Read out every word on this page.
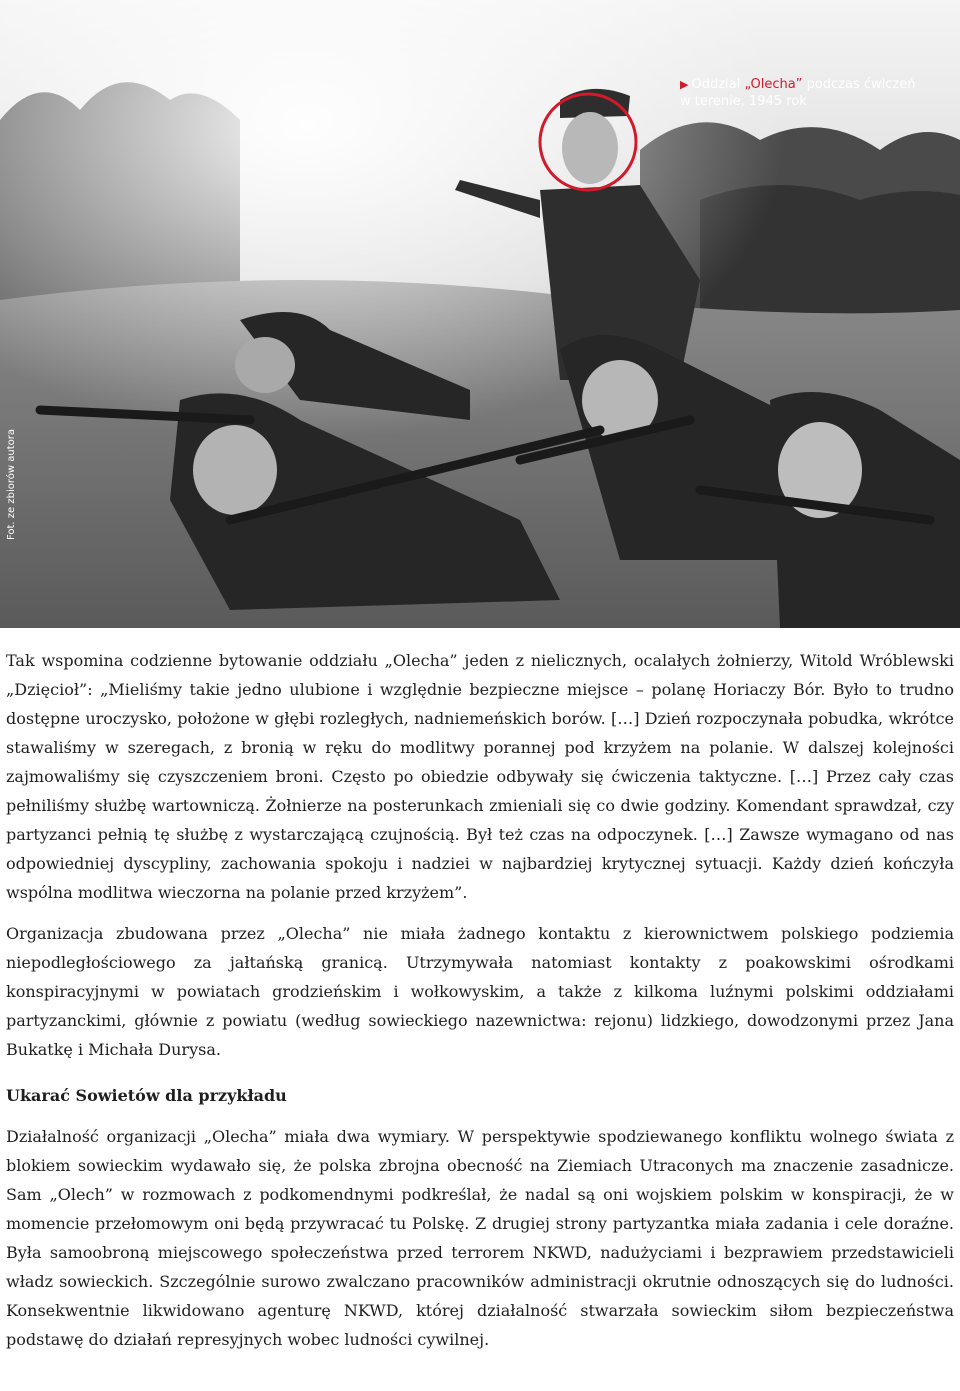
▶ Oddział „Olecha” podczas ćwiczeń
w terenie, 1945 rok
Fot. ze zbiorów autora

Tak wspomina codzienne bytowanie oddziału „Olecha” jeden z nielicznych, ocalałych żołnierzy, Witold Wróblewski „Dzięcioł”: „Mieliśmy takie jedno ulubione i względnie bezpieczne miejsce – polanę Horiaczy Bór. Było to trudno dostępne uroczysko, położone w głębi rozległych, nadniemeńskich borów. […] Dzień rozpoczynała pobudka, wkrótce stawaliśmy w szeregach, z bronią w ręku do modlitwy porannej pod krzyżem na polanie. W dalszej kolejności zajmowaliśmy się czyszczeniem broni. Często po obiedzie odbywały się ćwiczenia taktyczne. […] Przez cały czas pełniliśmy służbę wartowniczą. Żołnierze na posterunkach zmieniali się co dwie godziny. Komendant sprawdzał, czy partyzanci pełnią tę służbę z wystarczającą czujnością. Był też czas na odpoczynek. […] Zawsze wymagano od nas odpowiedniej dyscypliny, zachowania spokoju i nadziei w najbardziej krytycznej sytuacji. Każdy dzień kończyła wspólna modlitwa wieczorna na polanie przed krzyżem”.

Organizacja zbudowana przez „Olecha” nie miała żadnego kontaktu z kierownictwem polskiego podziemia niepodległościowego za jałtańską granicą. Utrzymywała natomiast kontakty z poakowskimi ośrodkami konspiracyjnymi w powiatach grodzieńskim i wołkowyskim, a także z kilkoma luźnymi polskimi oddziałami partyzanckimi, głównie z powiatu (według sowieckiego nazewnictwa: rejonu) lidzkiego, dowodzonymi przez Jana Bukatkę i Michała Durysa.

Ukarać Sowietów dla przykładu

Działalność organizacji „Olecha” miała dwa wymiary. W perspektywie spodziewanego konfliktu wolnego świata z blokiem sowieckim wydawało się, że polska zbrojna obecność na Ziemiach Utraconych ma znaczenie zasadnicze. Sam „Olech” w rozmowach z podkomendnymi podkreślał, że nadal są oni wojskiem polskim w konspiracji, że w momencie przełomowym oni będą przywracać tu Polskę. Z drugiej strony partyzantka miała zadania i cele doraźne. Była samoobroną miejscowego społeczeństwa przed terrorem NKWD, nadużyciami i bezprawiem przedstawicieli władz sowieckich. Szczególnie surowo zwalczano pracowników administracji okrutnie odnoszących się do ludności. Konsekwentnie likwidowano agenturę NKWD, której działalność stwarzała sowieckim siłom bezpieczeństwa podstawę do działań represyjnych wobec ludności cywilnej.
